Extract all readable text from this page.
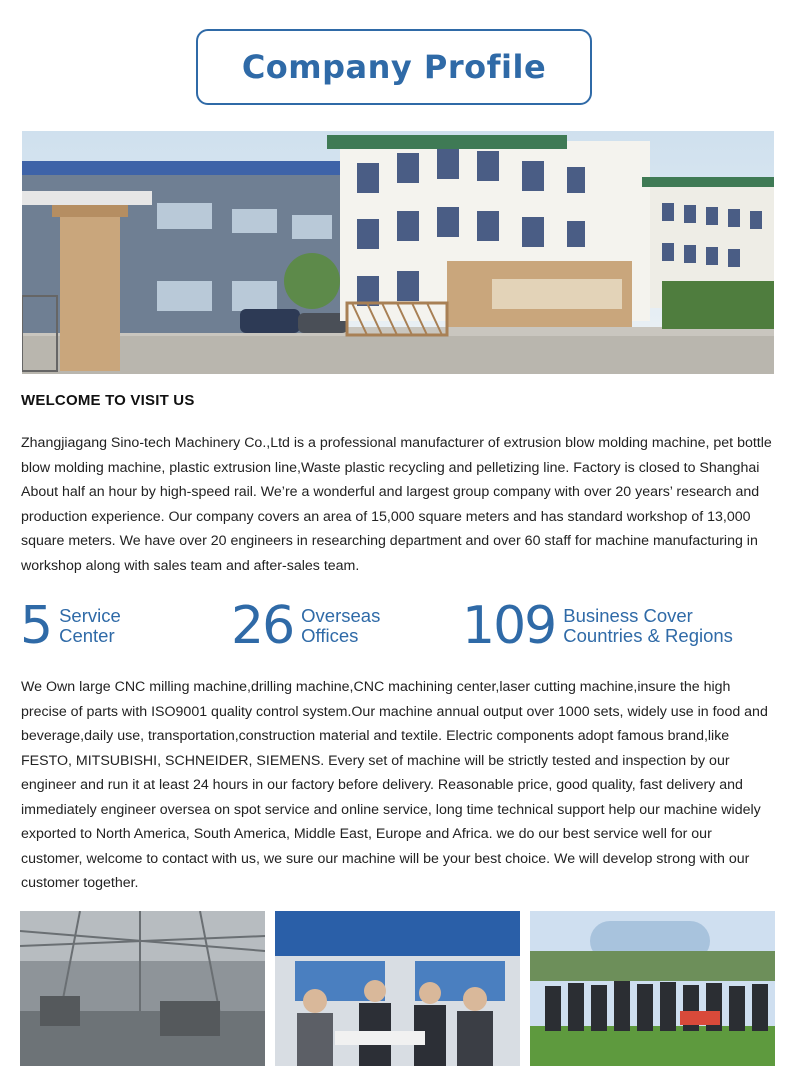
Company Profile
WELCOME TO VISIT US

Zhangjiagang Sino-tech Machinery Co.,Ltd is a professional manufacturer of extrusion blow molding machine, pet bottle blow molding machine, plastic extrusion line,Waste plastic recycling and pelletizing line. Factory is closed to Shanghai About half an hour by high-speed rail. We’re a wonderful and largest group company with over 20 years’ research and production experience. Our company covers an area of 15,000 square meters and has standard workshop of 13,000 square meters. We have over 20 engineers in researching department and over 60 staff for machine manufacturing in workshop along with sales team and after-sales team.

5 Service
Center 26 Overseas
Offices	109 Business Cover
Countries & Regions

We Own large CNC milling machine,drilling machine,CNC machining center,laser cutting machine,insure the high precise of parts with ISO9001 quality control system.Our machine annual output over 1000 sets, widely use in food and beverage,daily use, transportation,construction material and textile. Electric components adopt famous brand,like FESTO, MITSUBISHI, SCHNEIDER, SIEMENS. Every set of machine will be strictly tested and inspection by our engineer and run it at least 24 hours in our factory before delivery. Reasonable price, good quality, fast delivery and immediately engineer oversea on spot service and online service, long time technical support help our machine widely exported to North America, South America, Middle East, Europe and Africa. we do our best service well for our customer, welcome to contact with us, we sure our machine will be your best choice. We will develop strong with our customer together.
